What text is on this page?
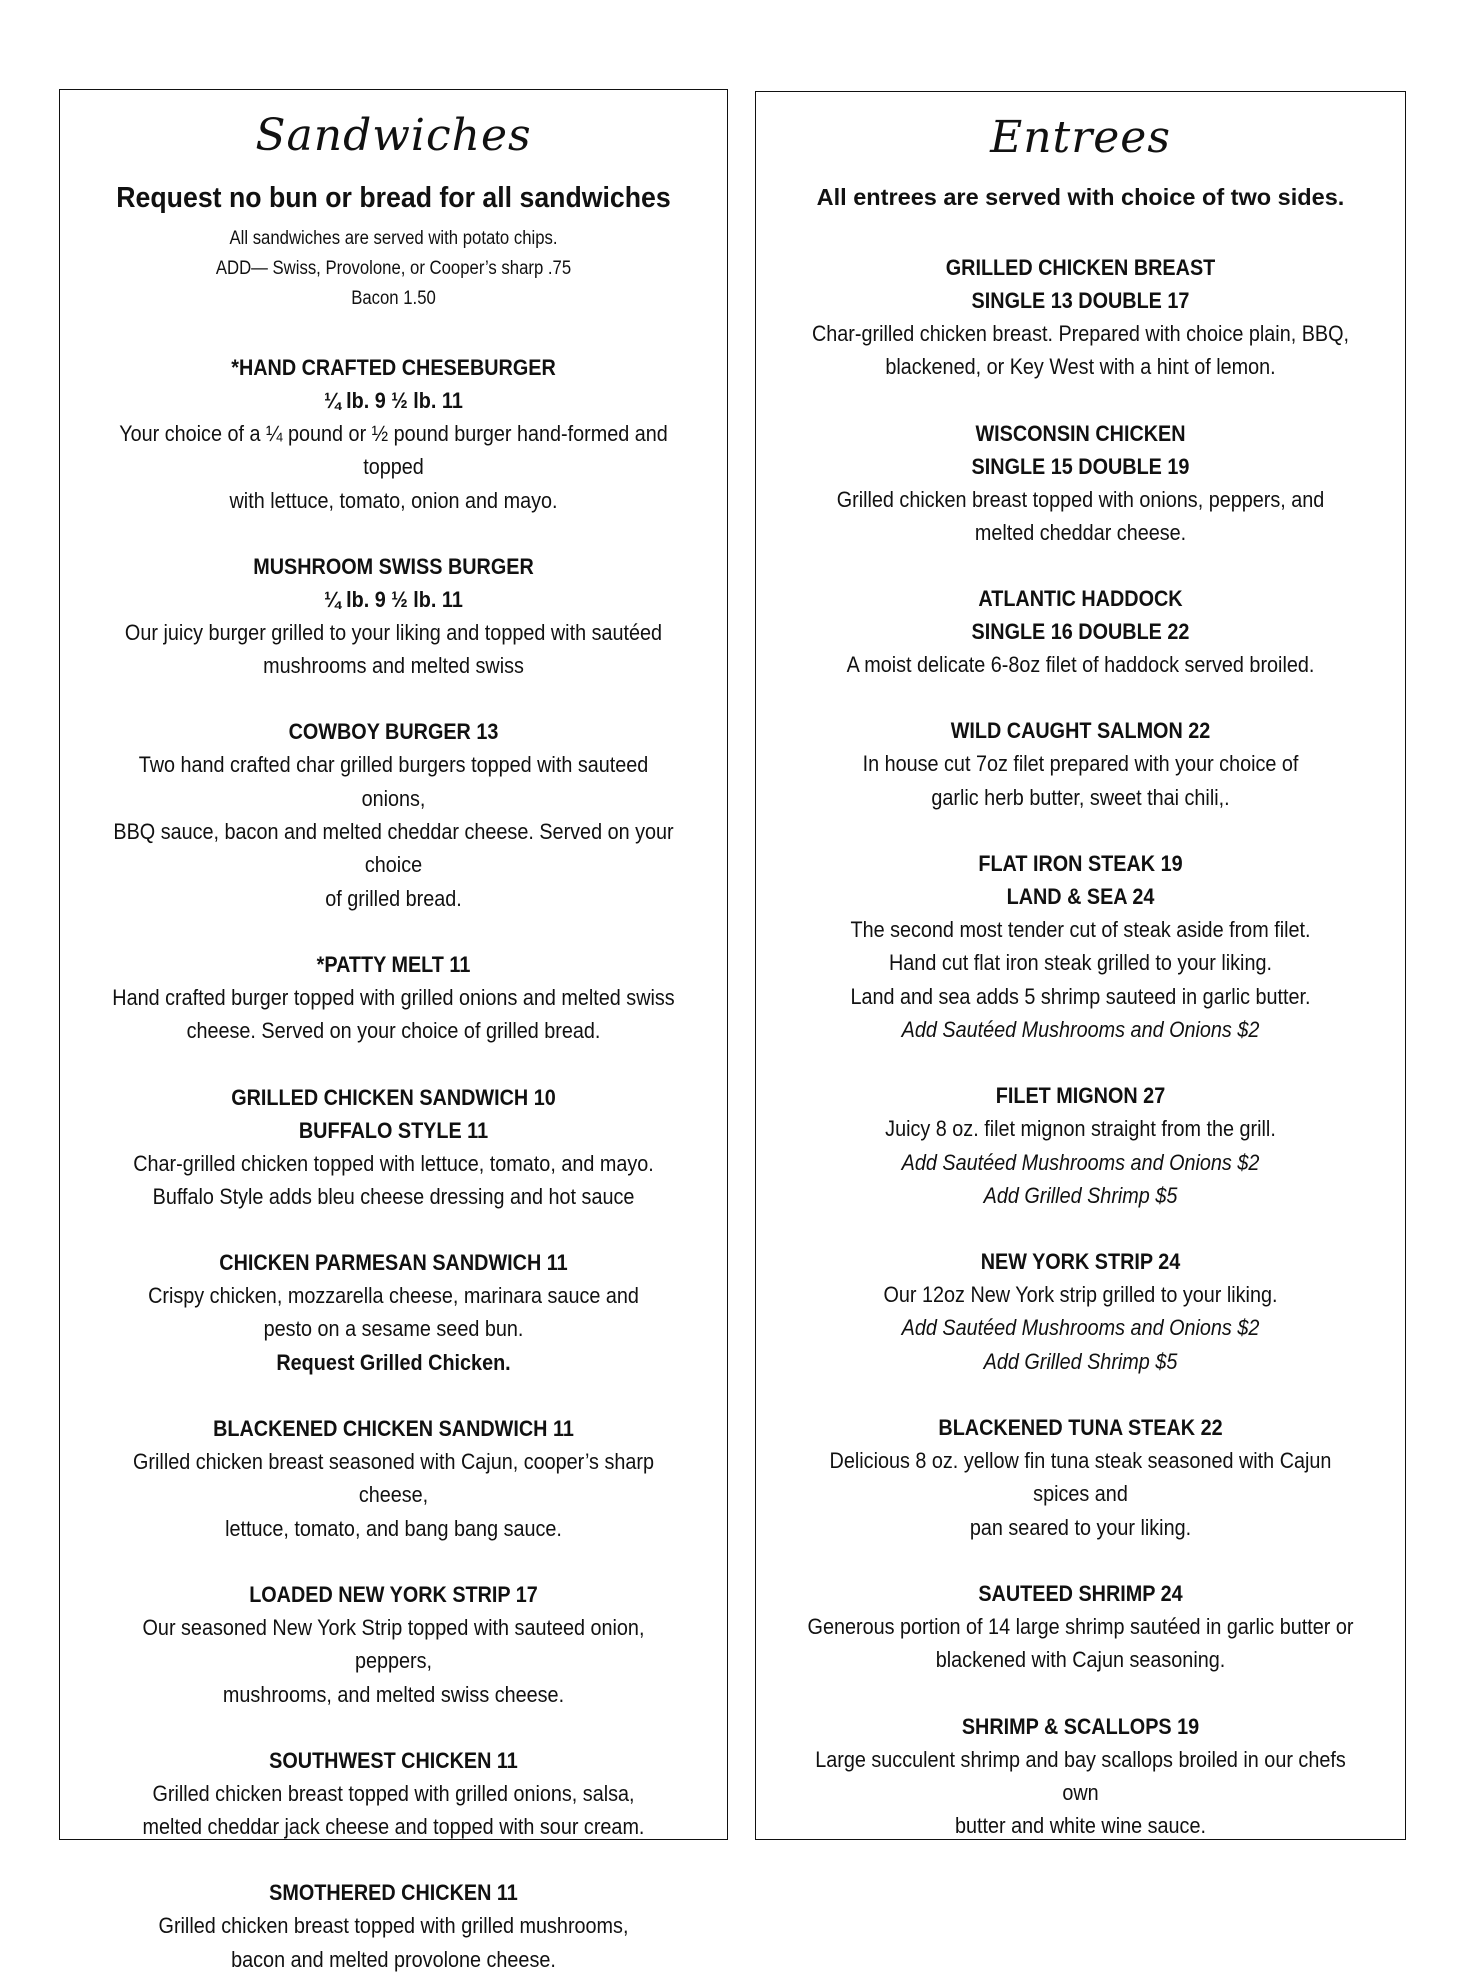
Sandwiches
Request no bun or bread for all sandwiches
All sandwiches are served with potato chips.
ADD— Swiss, Provolone, or Cooper’s sharp .75
Bacon 1.50
*HAND CRAFTED CHESEBURGER
¼ lb. 9 ½ lb. 11
Your choice of a ¼ pound or ½ pound burger hand-formed and topped
with lettuce, tomato, onion and mayo.
MUSHROOM SWISS BURGER
¼ lb. 9 ½ lb. 11
Our juicy burger grilled to your liking and topped with sautéed
mushrooms and melted swiss
COWBOY BURGER 13
Two hand crafted char grilled burgers topped with sauteed onions,
BBQ sauce, bacon and melted cheddar cheese. Served on your choice
of grilled bread.
*PATTY MELT 11
Hand crafted burger topped with grilled onions and melted swiss
cheese. Served on your choice of grilled bread.
GRILLED CHICKEN SANDWICH 10
BUFFALO STYLE 11
Char-grilled chicken topped with lettuce, tomato, and mayo.
Buffalo Style adds bleu cheese dressing and hot sauce
CHICKEN PARMESAN SANDWICH 11
Crispy chicken, mozzarella cheese, marinara sauce and
pesto on a sesame seed bun.
Request Grilled Chicken.
BLACKENED CHICKEN SANDWICH 11
Grilled chicken breast seasoned with Cajun, cooper’s sharp cheese,
lettuce, tomato, and bang bang sauce.
LOADED NEW YORK STRIP 17
Our seasoned New York Strip topped with sauteed onion, peppers,
mushrooms, and melted swiss cheese.
SOUTHWEST CHICKEN 11
Grilled chicken breast topped with grilled onions, salsa,
melted cheddar jack cheese and topped with sour cream.
SMOTHERED CHICKEN 11
Grilled chicken breast topped with grilled mushrooms,
bacon and melted provolone cheese.
Entrees
All entrees are served with choice of two sides.
GRILLED CHICKEN BREAST
SINGLE 13 DOUBLE 17
Char-grilled chicken breast. Prepared with choice plain, BBQ,
blackened, or Key West with a hint of lemon.
WISCONSIN CHICKEN
SINGLE 15 DOUBLE 19
Grilled chicken breast topped with onions, peppers, and
melted cheddar cheese.
ATLANTIC HADDOCK
SINGLE 16 DOUBLE 22
A moist delicate 6-8oz filet of haddock served broiled.
WILD CAUGHT SALMON 22
In house cut 7oz filet prepared with your choice of
garlic herb butter, sweet thai chili,.
FLAT IRON STEAK 19
LAND & SEA 24
The second most tender cut of steak aside from filet.
Hand cut flat iron steak grilled to your liking.
Land and sea adds 5 shrimp sauteed in garlic butter.
Add Sautéed Mushrooms and Onions $2
FILET MIGNON 27
Juicy 8 oz. filet mignon straight from the grill.
Add Sautéed Mushrooms and Onions $2
Add Grilled Shrimp $5
NEW YORK STRIP 24
Our 12oz New York strip grilled to your liking.
Add Sautéed Mushrooms and Onions $2
Add Grilled Shrimp $5
BLACKENED TUNA STEAK 22
Delicious 8 oz. yellow fin tuna steak seasoned with Cajun spices and
pan seared to your liking.
SAUTEED SHRIMP 24
Generous portion of 14 large shrimp sautéed in garlic butter or
blackened with Cajun seasoning.
SHRIMP & SCALLOPS 19
Large succulent shrimp and bay scallops broiled in our chefs own
butter and white wine sauce.
